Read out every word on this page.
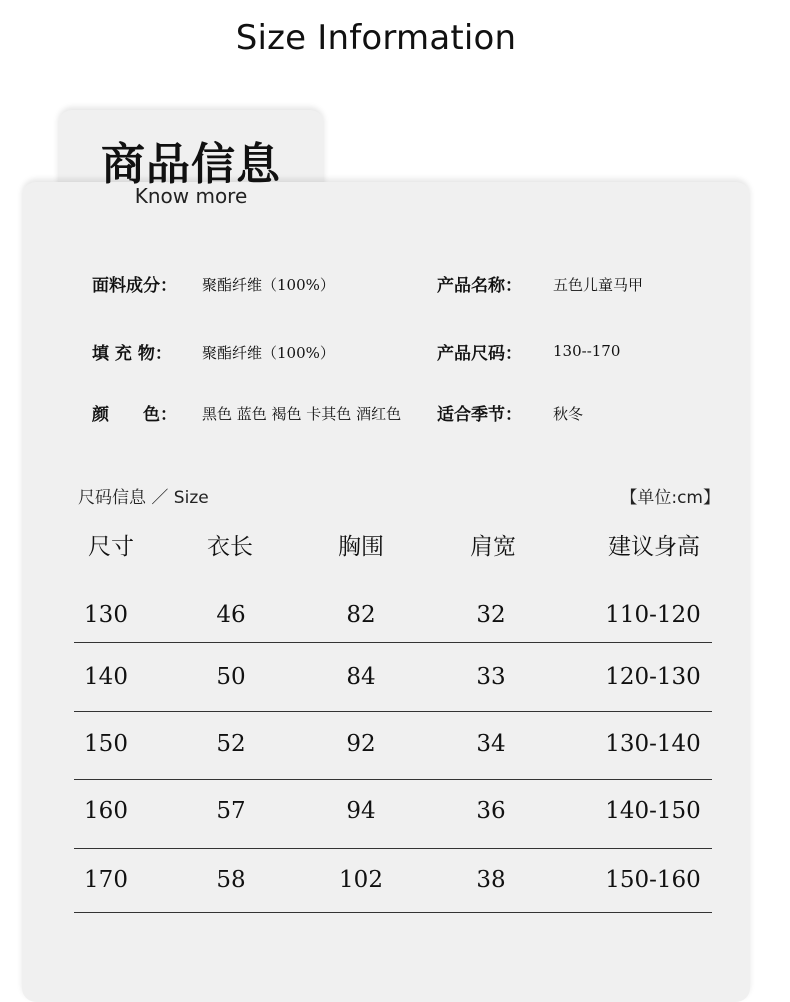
Size Information
商品信息
Know more
面料成分： 聚酯纤维（100%）	产品名称： 五色儿童马甲
填 充 物： 聚酯纤维（100%）	产品尺码： 130--170
颜　　色： 黑色 蓝色 褐色 卡其色 酒红色 适合季节： 秋冬
尺码信息 ／ Size	【单位:cm】
尺寸	衣长	胸围	肩宽	建议身高
130	46	82	32	110-120
140	50	84	33	120-130
150	52	92	34	130-140
160	57	94	36	140-150
170	58	102	38	150-160
